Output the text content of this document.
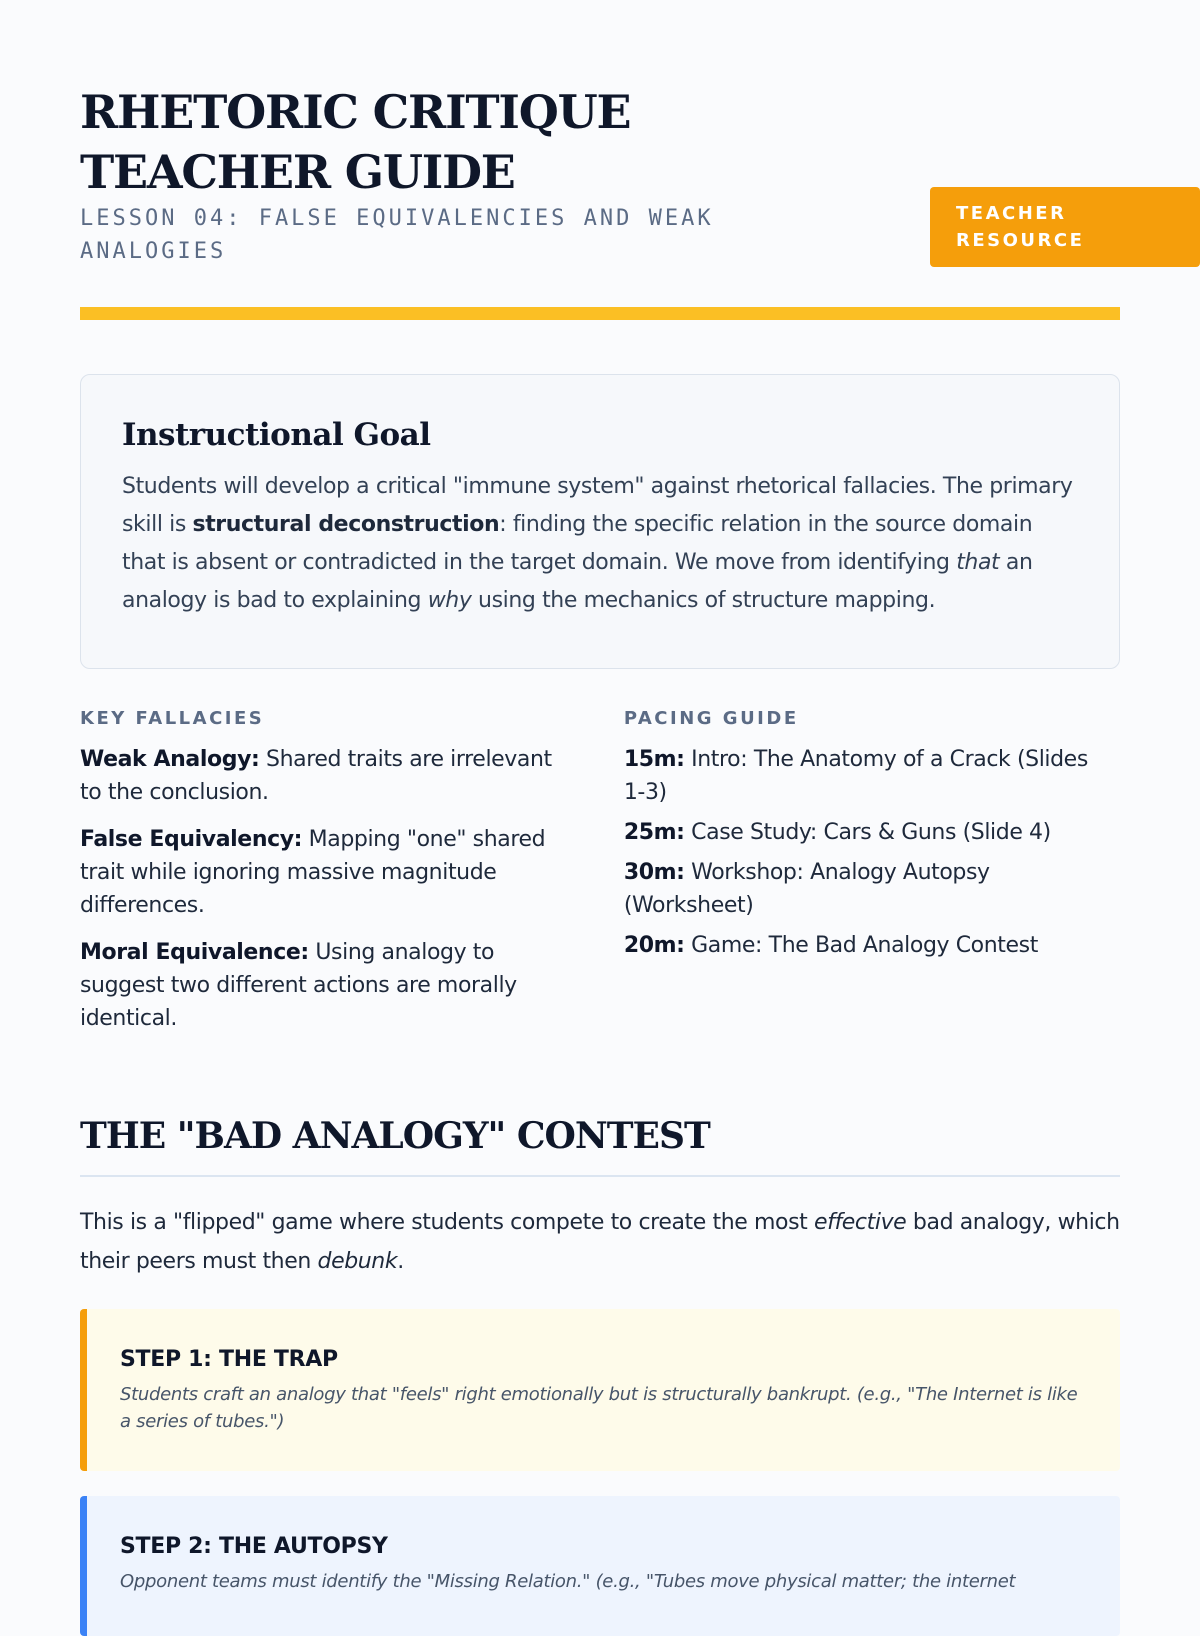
RHETORIC CRITIQUE TEACHER GUIDE

LESSON 04: FALSE EQUIVALENCIES AND WEAK ANALOGIES

TEACHER RESOURCE
Instructional Goal

Students will develop a critical "immune system" against rhetorical fallacies. The primary skill is structural deconstruction: finding the specific relation in the source domain that is absent or contradicted in the target domain. We move from identifying that an analogy is bad to explaining why using the mechanics of structure mapping.

KEY FALLACIES

Weak Analogy: Shared traits are irrelevant to the conclusion.

False Equivalency: Mapping "one" shared trait while ignoring massive magnitude differences.

Moral Equivalence: Using analogy to suggest two different actions are morally identical.

PACING GUIDE

15m: Intro: The Anatomy of a Crack (Slides 1-3)

25m: Case Study: Cars & Guns (Slide 4)

30m: Workshop: Analogy Autopsy (Worksheet)

20m: Game: The Bad Analogy Contest

THE "BAD ANALOGY" CONTEST

This is a "flipped" game where students compete to create the most effective bad analogy, which their peers must then debunk.

STEP 1: THE TRAP

Students craft an analogy that "feels" right emotionally but is structurally bankrupt. (e.g., "The Internet is like a series of tubes.")

STEP 2: THE AUTOPSY

Opponent teams must identify the "Missing Relation." (e.g., "Tubes move physical matter; the internet
